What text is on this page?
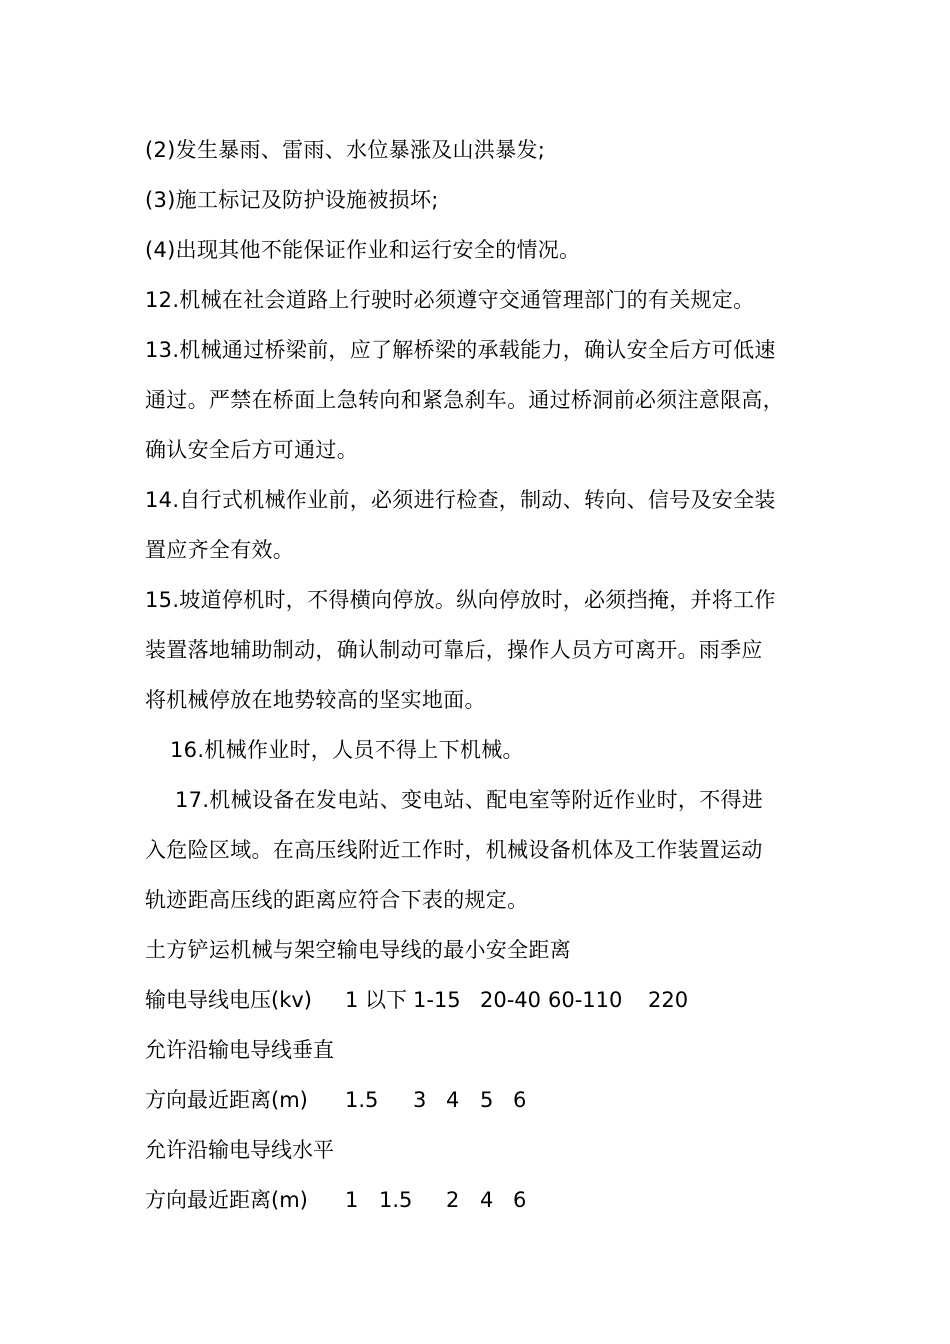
(2)发生暴雨、雷雨、水位暴涨及山洪暴发;
(3)施工标记及防护设施被损坏;
(4)出现其他不能保证作业和运行安全的情况。
12.机械在社会道路上行驶时必须遵守交通管理部门的有关规定。
13.机械通过桥梁前，应了解桥梁的承载能力，确认安全后方可低速
通过。严禁在桥面上急转向和紧急刹车。通过桥洞前必须注意限高，
确认安全后方可通过。
14.自行式机械作业前，必须进行检查，制动、转向、信号及安全装
置应齐全有效。
15.坡道停机时，不得横向停放。纵向停放时，必须挡掩，并将工作
装置落地辅助制动，确认制动可靠后，操作人员方可离开。雨季应
将机械停放在地势较高的坚实地面。
16.机械作业时，人员不得上下机械。
17.机械设备在发电站、变电站、配电室等附近作业时，不得进
入危险区域。在高压线附近工作时，机械设备机体及工作装置运动
轨迹距高压线的距离应符合下表的规定。
土方铲运机械与架空输电导线的最小安全距离
输电导线电压(kv) 1 以下 1-15 20-40 60-110 220
允许沿输电导线垂直
方向最近距离(m) 1.5 3 4 5 6
允许沿输电导线水平
方向最近距离(m) 1 1.5 2 4 6
